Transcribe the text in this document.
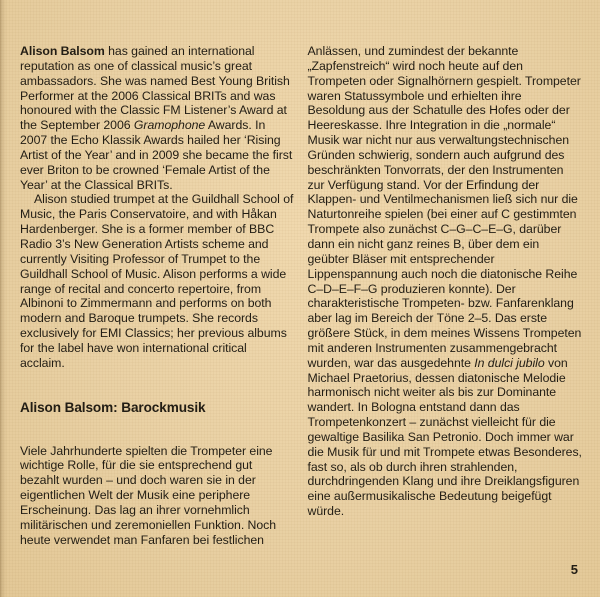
Alison Balsom has gained an international reputation as one of classical music’s great ambassadors. She was named Best Young British Performer at the 2006 Classical BRITs and was honoured with the Classic FM Listener’s Award at the September 2006 Gramophone Awards. In 2007 the Echo Klassik Awards hailed her ‘Rising Artist of the Year’ and in 2009 she became the first ever Briton to be crowned ‘Female Artist of the Year’ at the Classical BRITs.

Alison studied trumpet at the Guildhall School of Music, the Paris Conservatoire, and with Håkan Hardenberger. She is a former member of BBC Radio 3’s New Generation Artists scheme and currently Visiting Professor of Trumpet to the Guildhall School of Music. Alison performs a wide range of recital and concerto repertoire, from Albinoni to Zimmermann and performs on both modern and Baroque trumpets. She records exclusively for EMI Classics; her previous albums for the label have won international critical acclaim.

Alison Balsom: Barockmusik

Viele Jahrhunderte spielten die Trompeter eine wichtige Rolle, für die sie entsprechend gut bezahlt wurden – und doch waren sie in der eigentlichen Welt der Musik eine periphere Erscheinung. Das lag an ihrer vornehmlich militärischen und zeremoniellen Funktion. Noch heute verwendet man Fanfaren bei festlichen

Anlässen, und zumindest der bekannte „Zapfenstreich“ wird noch heute auf den Trompeten oder Signalhörnern gespielt. Trompeter waren Statussymbole und erhielten ihre Besoldung aus der Schatulle des Hofes oder der Heereskasse. Ihre Integration in die „normale“ Musik war nicht nur aus verwaltungstechnischen Gründen schwierig, sondern auch aufgrund des beschränkten Tonvorrats, der den Instrumenten zur Verfügung stand. Vor der Erfindung der Klappen- und Ventilmechanismen ließ sich nur die Naturtonreihe spielen (bei einer auf C gestimmten Trompete also zunächst C–G–C–E–G, darüber dann ein nicht ganz reines B, über dem ein geübter Bläser mit entsprechender Lippenspannung auch noch die diatonische Reihe C–D–E–F–G produzieren konnte). Der charakteristische Trompeten- bzw. Fanfarenklang aber lag im Bereich der Töne 2–5. Das erste größere Stück, in dem meines Wissens Trompeten mit anderen Instrumenten zusammengebracht wurden, war das ausgedehnte In dulci jubilo von Michael Praetorius, dessen diatonische Melodie harmonisch nicht weiter als bis zur Dominante wandert. In Bologna entstand dann das Trompetenkonzert – zunächst vielleicht für die gewaltige Basilika San Petronio. Doch immer war die Musik für und mit Trompete etwas Besonderes, fast so, als ob durch ihren strahlenden, durchdringenden Klang und ihre Dreiklangsfiguren eine außermusikalische Bedeutung beigefügt würde.

5
